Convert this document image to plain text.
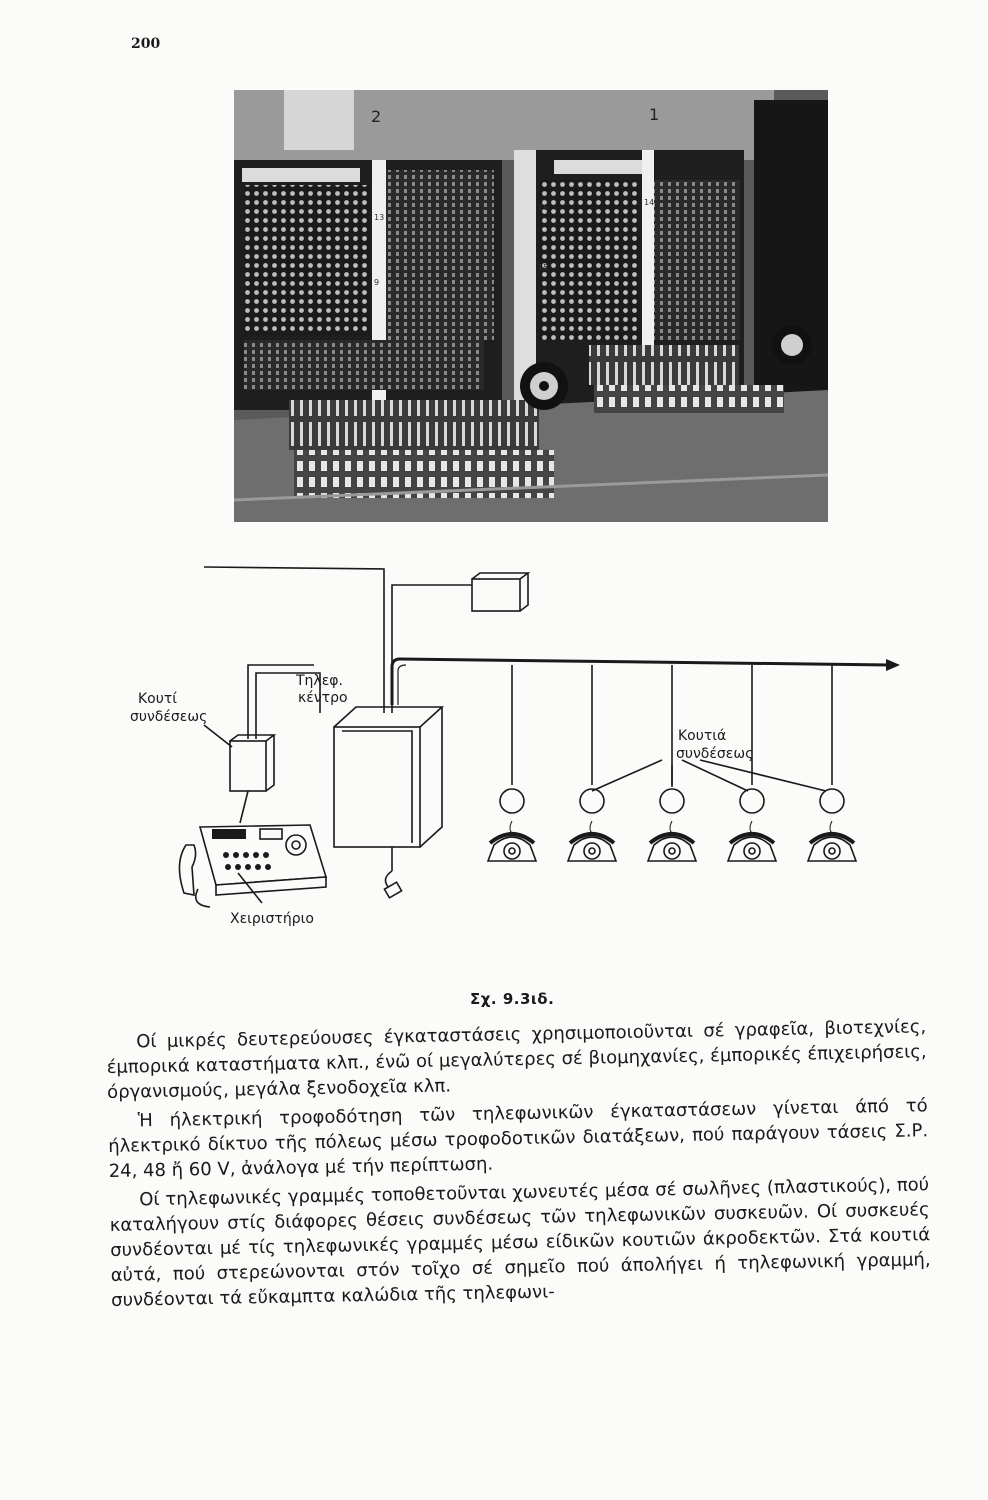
200
2	1
13
9
16
15
14
Κουτί συνδέσεως
Τηλεφ. κέντρο
Κουτιά συνδέσεως
Χειριστήριο
Σχ. 9.3ιδ.

Οί μικρές δευτερεύουσες έγκαταστάσεις χρησιμοποιοῦνται σέ γραφεῖα, βιοτεχνίες, έμπορικά καταστήματα κλπ., ένῶ οί μεγαλύτερες σέ βιομηχανίες, έμπορικές έπιχειρήσεις, όργανισμούς, μεγάλα ξενοδοχεῖα κλπ.

Ἡ ήλεκτρική τροφοδότηση τῶν τηλεφωνικῶν έγκαταστάσεων γίνεται άπό τό ήλεκτρικό δίκτυο τῆς πόλεως μέσω τροφοδοτικῶν διατάξεων, πού παράγουν τάσεις Σ.Ρ. 24, 48 ἤ 60 V, ἀνάλογα μέ τήν περίπτωση.

Οί τηλεφωνικές γραμμές τοποθετοῦνται χωνευτές μέσα σέ σωλῆνες (πλαστικούς), πού καταλήγουν στίς διάφορες θέσεις συνδέσεως τῶν τηλεφωνικῶν συσκευῶν. Οί συσκευές συνδέονται μέ τίς τηλεφωνικές γραμμές μέσω είδικῶν κουτιῶν άκροδεκτῶν. Στά κουτιά αὐτά, πού στερεώνονται στόν τοῖχο σέ σημεῖο πού άπολήγει ή τηλεφωνική γραμμή, συνδέονται τά εὔκαμπτα καλώδια τῆς τηλεφωνι-
